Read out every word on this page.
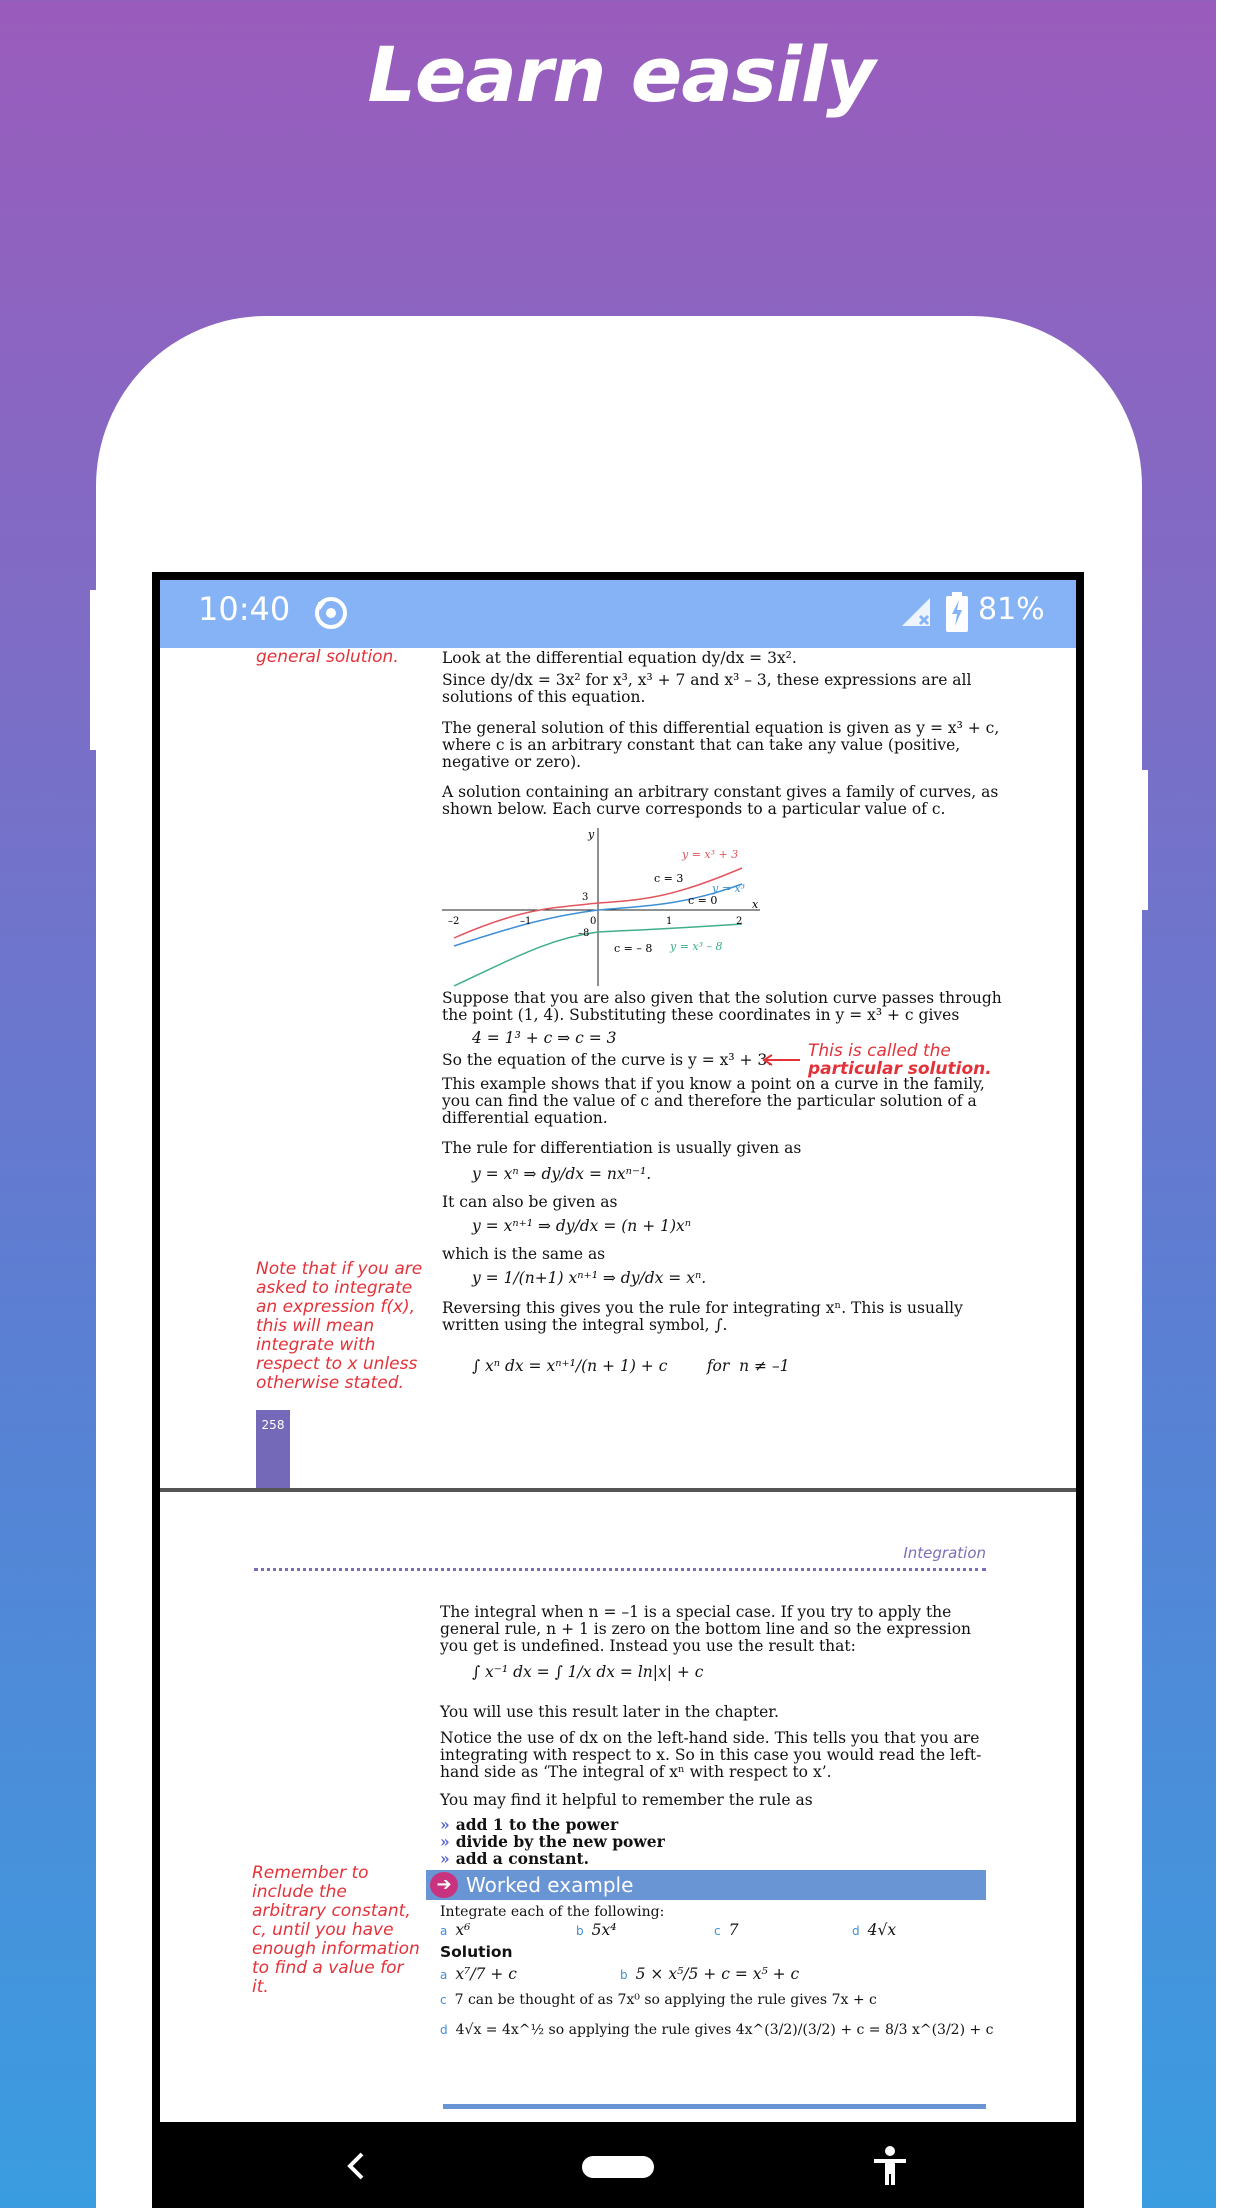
Learn easily
10:40	81%
general solution.	Look at the differential equation dy/dx = 3x².
Since dy/dx = 3x² for x³, x³ + 7 and x³ – 3, these expressions are all solutions of this equation.
The general solution of this differential equation is given as y = x³ + c, where c is an arbitrary constant that can take any value (positive, negative or zero).
A solution containing an arbitrary constant gives a family of curves, as shown below. Each curve corresponds to a particular value of c.
y
x
y = x³ + 3
y = x³
y = x³ – 8
c = 3
c = 0
c = – 8
–2	–1	0	1	2
3
–8
Suppose that you are also given that the solution curve passes through the point (1, 4). Substituting these coordinates in y = x³ + c gives
4 = 1³ + c ⇒ c = 3
So the equation of the curve is y = x³ + 3. This is called the
particular solution.
This example shows that if you know a point on a curve in the family, you can find the value of c and therefore the particular solution of a differential equation.
The rule for differentiation is usually given as
y = xⁿ ⇒ dy/dx = nxⁿ⁻¹.
It can also be given as
y = xⁿ⁺¹ ⇒ dy/dx = (n + 1)xⁿ
which is the same as
y = 1/(n+1) xⁿ⁺¹ ⇒ dy/dx = xⁿ.
Reversing this gives you the rule for integrating xⁿ. This is usually written using the integral symbol, ∫.
∫ xⁿ dx = xⁿ⁺¹/(n + 1) + c        for  n ≠ –1
Note that if you are asked to integrate an expression f(x), this will mean integrate with respect to x unless otherwise stated.
258
Integration
The integral when n = –1 is a special case. If you try to apply the general rule, n + 1 is zero on the bottom line and so the expression you get is undefined. Instead you use the result that:
∫ x⁻¹ dx = ∫ 1/x dx = ln|x| + c
You will use this result later in the chapter.
Notice the use of dx on the left-hand side. This tells you that you are integrating with respect to x. So in this case you would read the left-hand side as ‘The integral of xⁿ with respect to x’.
You may find it helpful to remember the rule as
» add 1 to the power
» divide by the new power
» add a constant.
Remember to include the arbitrary constant, c, until you have enough information to find a value for it.
➔ Worked example
Integrate each of the following:
a x⁶	b 5x⁴	c 7	d 4√x
Solution
a x⁷/7 + c	b 5 × x⁵/5 + c = x⁵ + c
c 7 can be thought of as 7x⁰ so applying the rule gives 7x + c
d 4√x = 4x^½ so applying the rule gives 4x^(3/2)/(3/2) + c = 8/3 x^(3/2) + c
